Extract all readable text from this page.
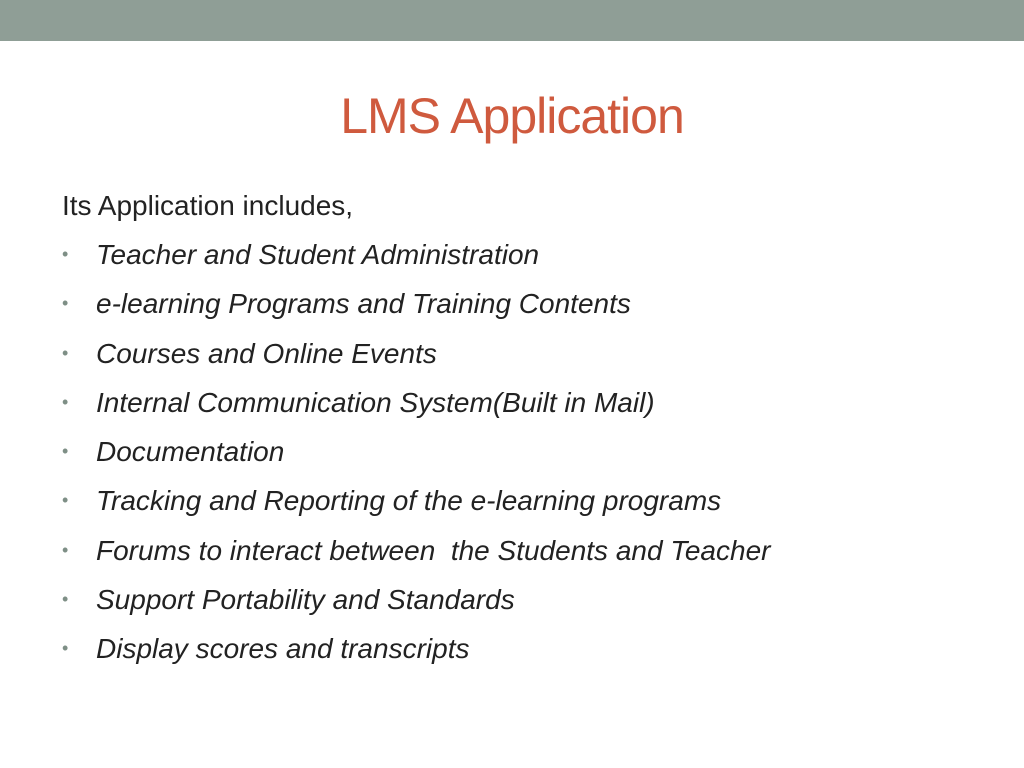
LMS Application
Its Application includes,
• Teacher and Student Administration
• e-learning Programs and Training Contents
• Courses and Online Events
• Internal Communication System(Built in Mail)
• Documentation
• Tracking and Reporting of the e-learning programs
• Forums to interact between  the Students and Teacher
• Support Portability and Standards
• Display scores and transcripts
